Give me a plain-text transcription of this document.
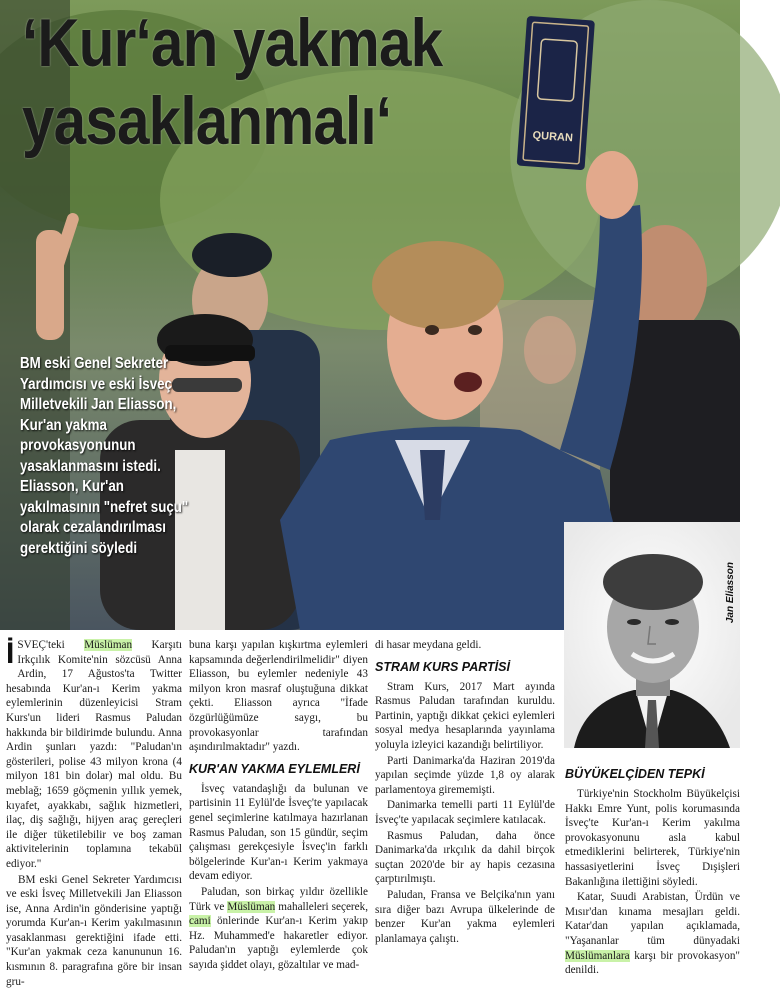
QURAN
‘Kur‘an yakmak
yasaklanmalı‘
BM eski Genel Sekreter Yardımcısı ve eski İsveç Milletvekili Jan Eliasson, Kur'an yakma provokasyonunun yasaklanmasını istedi. Eliasson, Kur'an yakılmasının "nefret suçu" olarak cezalandırılması gerektiğini söyledi
Jan Eliasson

İSVEÇ'teki Müslüman Karşıtı Irkçılık Komite'nin sözcüsü Anna Ardin, 17 Ağustos'ta Twitter hesabında Kur'an-ı Kerim yakma eylemlerinin düzenleyicisi Stram Kurs'un lideri Rasmus Paludan hakkında bir bildirimde bulundu. Anna Ardin şunları yazdı: "Paludan'ın gösterileri, polise 43 milyon krona (4 milyon 181 bin dolar) mal oldu. Bu meblağ; 1659 göçmenin yıllık yemek, kıyafet, ayakkabı, sağlık hizmetleri, ilaç, diş sağlığı, hijyen araç gereçleri ile diğer tüketilebilir ve boş zaman aktivitelerinin toplamına tekabül ediyor."

BM eski Genel Sekreter Yardımcısı ve eski İsveç Milletvekili Jan Eliasson ise, Anna Ardin'in gönderisine yaptığı yorumda Kur'an-ı Kerim yakılmasının yasaklanması gerektiğini ifade etti. "Kur'an yakmak ceza kanununun 16. kısmının 8. paragrafına göre bir insan gru-

buna karşı yapılan kışkırtma eylemleri kapsamında değerlendirilmelidir" diyen Eliasson, bu eylemler nedeniyle 43 milyon kron masraf oluştuğuna dikkat çekti. Eliasson ayrıca "İfade özgürlüğümüze saygı, bu provokasyonlar tarafından aşındırılmaktadır" yazdı.

KUR'AN YAKMA EYLEMLERİ

İsveç vatandaşlığı da bulunan ve partisinin 11 Eylül'de İsveç'te yapılacak genel seçimlerine katılmaya hazırlanan Rasmus Paludan, son 15 gündür, seçim çalışması gerekçesiyle İsveç'in farklı bölgelerinde Kur'an-ı Kerim yakmaya devam ediyor.

Paludan, son birkaç yıldır özellikle Türk ve Müslüman mahalleleri seçerek, cami önlerinde Kur'an-ı Kerim yakıp Hz. Muhammed'e hakaretler ediyor. Paludan'ın yaptığı eylemlerde çok sayıda şiddet olayı, gözaltılar ve mad-

di hasar meydana geldi.

STRAM KURS PARTİSİ

Stram Kurs, 2017 Mart ayında Rasmus Paludan tarafından kuruldu. Partinin, yaptığı dikkat çekici eylemleri sosyal medya hesaplarında yayınlama yoluyla izleyici kazandığı belirtiliyor.

Parti Danimarka'da Haziran 2019'da yapılan seçimde yüzde 1,8 oy alarak parlamentoya girememişti.

Danimarka temelli parti 11 Eylül'de İsveç'te yapılacak seçimlere katılacak.

Rasmus Paludan, daha önce Danimarka'da ırkçılık da dahil birçok suçtan 2020'de bir ay hapis cezasına çarptırılmıştı.

Paludan, Fransa ve Belçika'nın yanı sıra diğer bazı Avrupa ülkelerinde de benzer Kur'an yakma eylemleri planlamaya çalıştı.

BÜYÜKELÇİDEN TEPKİ

Türkiye'nin Stockholm Büyükelçisi Hakkı Emre Yunt, polis korumasında İsveç'te Kur'an-ı Kerim yakılma provokasyonunu asla kabul etmediklerini belirterek, Türkiye'nin hassasiyetlerini İsveç Dışişleri Bakanlığına ilettiğini söyledi.

Katar, Suudi Arabistan, Ürdün ve Mısır'dan kınama mesajları geldi. Katar'dan yapılan açıklamada, "Yaşananlar tüm dünyadaki Müslümanlara karşı bir provokasyon" denildi.
